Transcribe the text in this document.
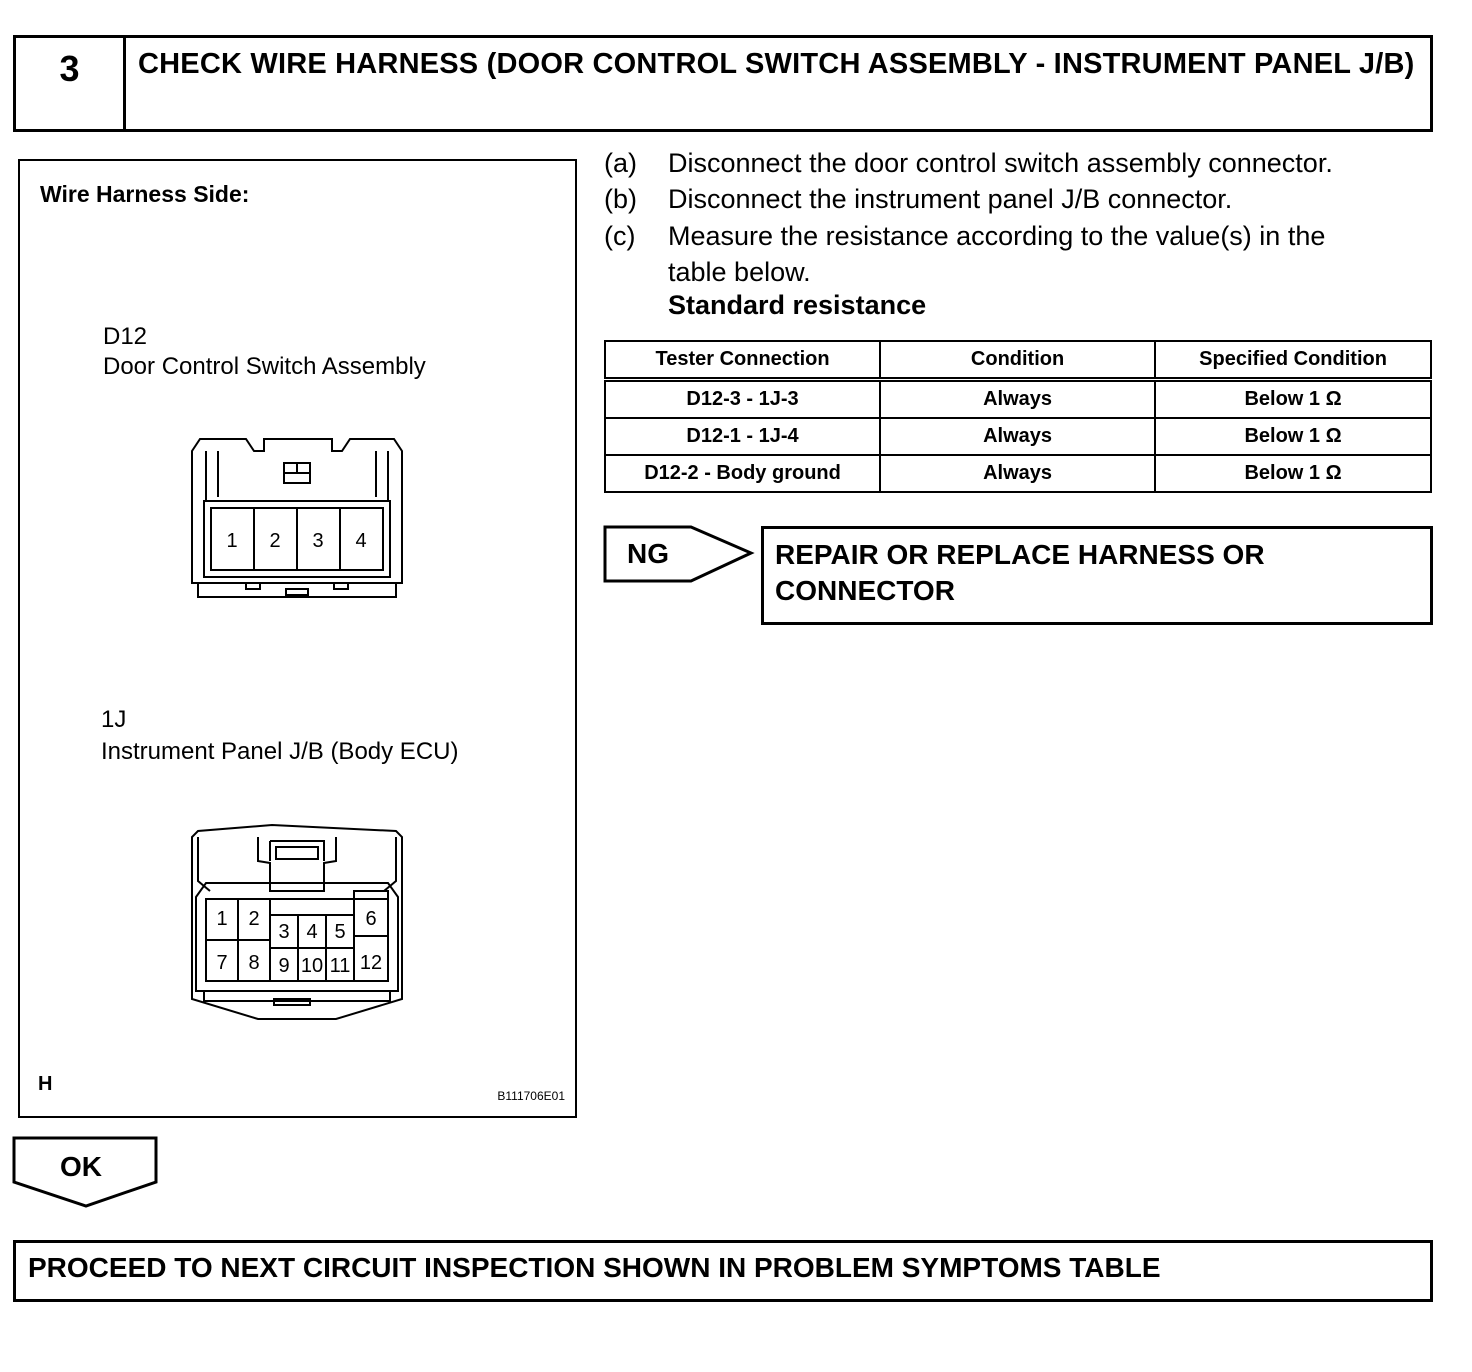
3	CHECK WIRE HARNESS (DOOR CONTROL SWITCH ASSEMBLY - INSTRUMENT PANEL J/B)
Wire Harness Side:
D12
Door Control Switch Assembly
1 2 3 4
1J
Instrument Panel J/B (Body ECU)
1 2
3 4 5
6
7 8 9 10 11 12
H
B111706E01
(a) Disconnect the door control switch assembly connector.
(b) Disconnect the instrument panel J/B connector.
(c) Measure the resistance according to the value(s) in the
table below.
Standard resistance
Tester Connection	Condition	Specified Condition
D12-3 - 1J-3	Always	Below 1 Ω
D12-1 - 1J-4	Always	Below 1 Ω
D12-2 - Body ground	Always	Below 1 Ω
NG	REPAIR OR REPLACE HARNESS OR CONNECTOR
OK
PROCEED TO NEXT CIRCUIT INSPECTION SHOWN IN PROBLEM SYMPTOMS TABLE
